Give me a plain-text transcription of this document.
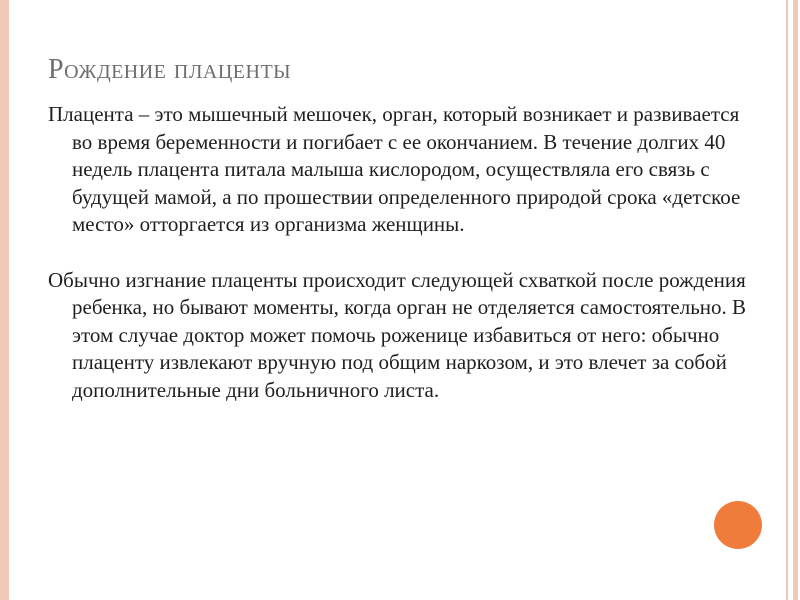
Рождение плаценты

Плацента – это мышечный мешочек, орган, который возникает и развивается во время беременности и погибает с ее окончанием. В течение долгих 40 недель плацента питала малыша кислородом, осуществляла его связь с будущей мамой, а по прошествии определенного природой срока «детское место» отторгается из организма женщины.

Обычно изгнание плаценты происходит следующей схваткой после рождения ребенка, но бывают моменты, когда орган не отделяется самостоятельно. В этом случае доктор может помочь роженице избавиться от него: обычно плаценту извлекают вручную под общим наркозом, и это влечет за собой дополнительные дни больничного листа.
